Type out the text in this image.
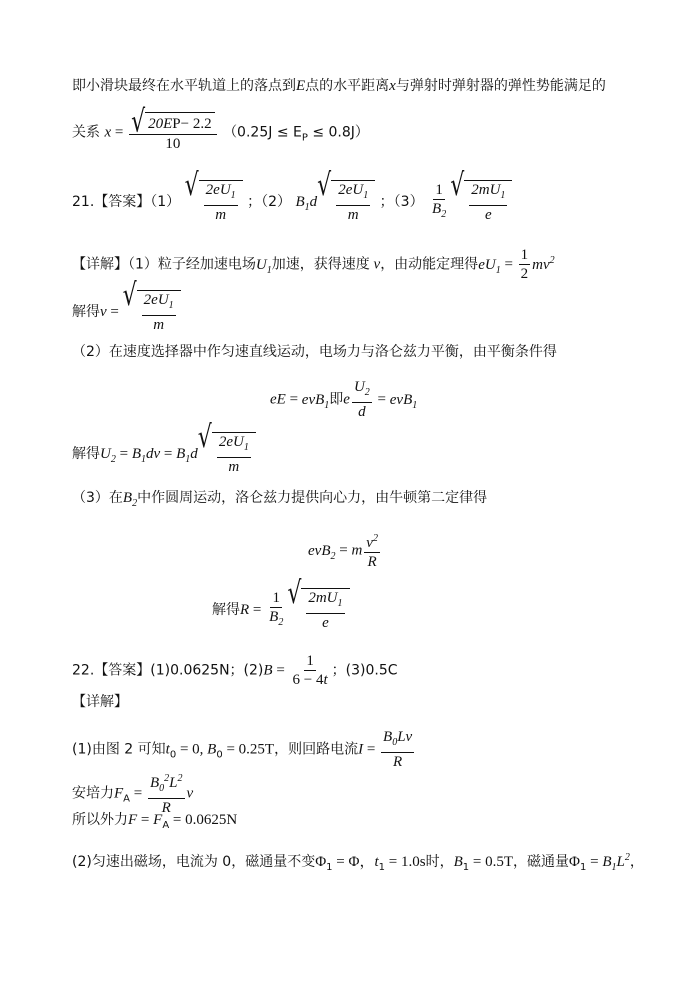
即小滑块最终在水平轨道上的落点到E点的水平距离x与弹射时弹射器的弹性势能满足的
关系 $x = \frac{\text{√ 20E P − 2.2}}{10} (0.25J \le E_P \le 0.8J)$
21.【答案】（1） √ $\frac{2eU_1}{m}$ ；（2） $B_1d$ √ $\frac{2eU_1}{m}$ ；$(3) \frac{1}{B_2}$ √ $\frac{2mU_1}{e}$
【详解】（1）粒子经加速电场$U_1$加速，获得速度 v，由动能定理得$eU_1 = \frac{1}{2} mv^2$
解得v = √ $\frac{2eU_1}{m}$
（2）在速度选择器中作匀速直线运动，电场力与洛仑兹力平衡，由平衡条件得
eE = evB$_1$即e $\frac{U_2}{d} = evB_1$
解得$U_2 = B_1dv = B_1d$ √ $\frac{2eU_1}{m}$
（3）在$B_2$中作圆周运动，洛仑兹力提供向心力，由牛顿第二定律得
evB$_2$ = m $\frac{v^2}{R}$
解得$R = \frac{1}{B_2}$ √ $\frac{2mU_1}{e}$
22.【答案】(1)0.0625N；$(2)B = \frac{1}{6 - 4t}$ ；(3)0.5C
【详解】
(1)由图 2 可知$t_0 = 0$, $B_0 = 0.25T$，则回路电流$I = \frac{B_0Lv}{R}$
安培力$F_A = \frac{B_0^2L^2}{R}$ v
所以外力$F = F_A = 0.0625N$
(2)匀速出磁场，电流为 0，磁通量不变$\Phi_1 = \Phi$，$t_1 = 1.0s$时，$B_1 = 0.5T$，磁通量$\Phi_1 = B_1L^2$，
